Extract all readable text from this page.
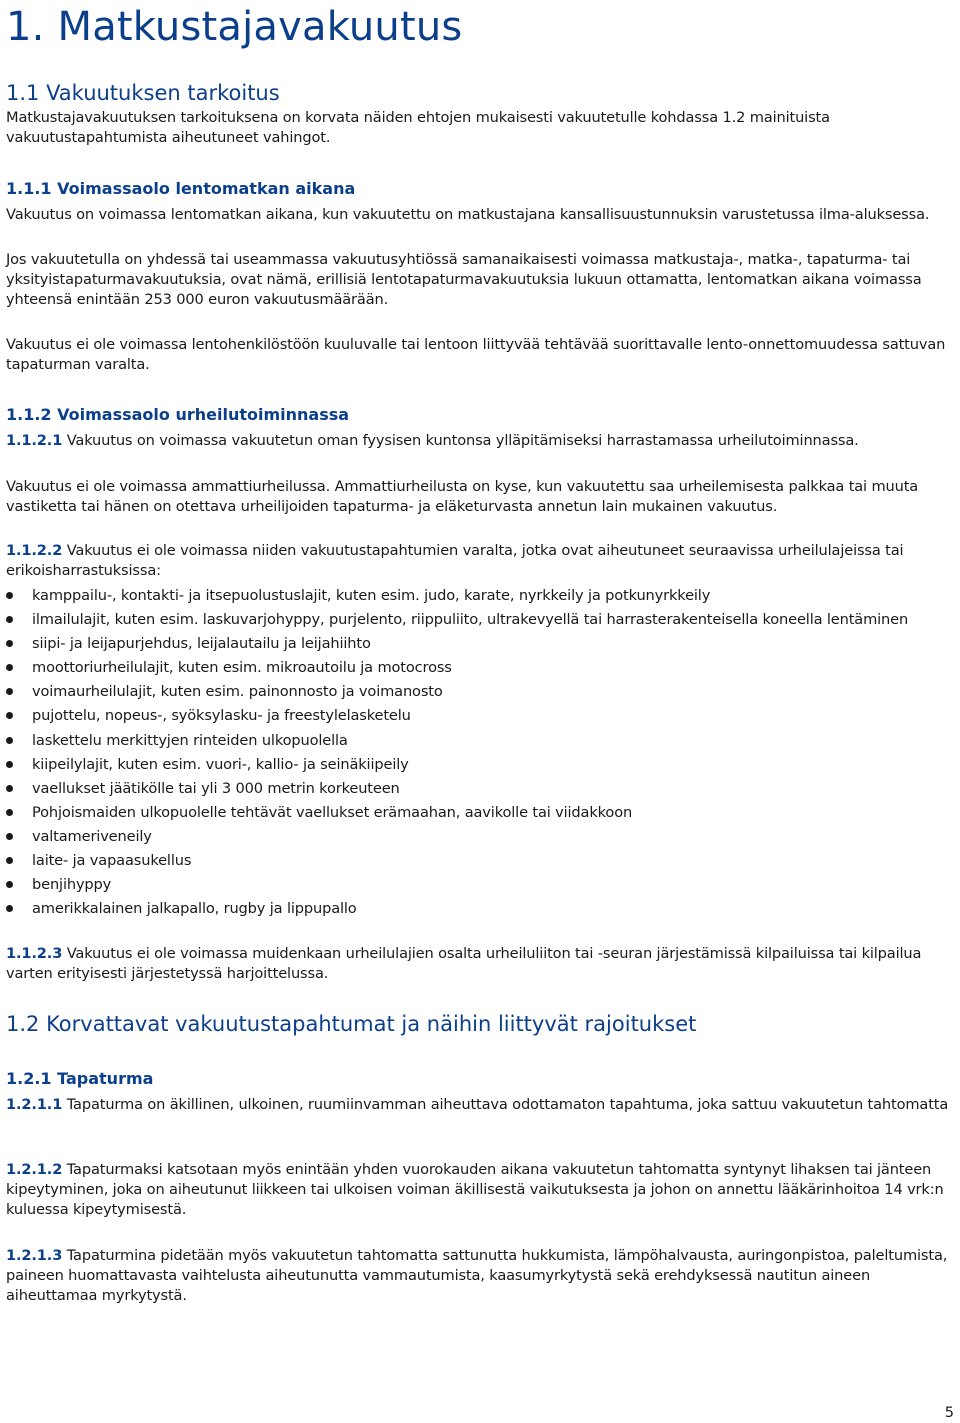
1. Matkustajavakuutus
1.1 Vakuutuksen tarkoitus
Matkustajavakuutuksen tarkoituksena on korvata näiden ehtojen mukaisesti vakuutetulle kohdassa 1.2 mainituista vakuutustapahtumista aiheutuneet vahingot.
1.1.1 Voimassaolo lentomatkan aikana
Vakuutus on voimassa lentomatkan aikana, kun vakuutettu on matkustajana kansallisuustunnuksin varustetussa ilma-aluksessa.
Jos vakuutetulla on yhdessä tai useammassa vakuutusyhtiössä samanaikaisesti voimassa matkustaja-, matka-, tapaturma- tai yksityistapaturmavakuutuksia, ovat nämä, erillisiä lentotapaturmavakuutuksia lukuun ottamatta, lentomatkan aikana voimassa yhteensä enintään 253 000 euron vakuutusmäärään.
Vakuutus ei ole voimassa lentohenkilöstöön kuuluvalle tai lentoon liittyvää tehtävää suorittavalle lento-onnettomuudessa sattuvan tapaturman varalta.
1.1.2 Voimassaolo urheilutoiminnassa
1.1.2.1 Vakuutus on voimassa vakuutetun oman fyysisen kuntonsa ylläpitämiseksi harrastamassa urheilutoiminnassa.
Vakuutus ei ole voimassa ammattiurheilussa. Ammattiurheilusta on kyse, kun vakuutettu saa urheilemisesta palkkaa tai muuta vastiketta tai hänen on otettava urheilijoiden tapaturma- ja eläketurvasta annetun lain mukainen vakuutus.
1.1.2.2 Vakuutus ei ole voimassa niiden vakuutustapahtumien varalta, jotka ovat aiheutuneet seuraavissa urheilulajeissa tai erikoisharrastuksissa:
kamppailu-, kontakti- ja itsepuolustuslajit, kuten esim. judo, karate, nyrkkeily ja potkunyrkkeily
ilmailulajit, kuten esim. laskuvarjohyppy, purjelento, riippuliito, ultrakevyellä tai harrasterakenteisella koneella lentäminen
siipi- ja leijapurjehdus, leijalautailu ja leijahiihto
moottoriurheilulajit, kuten esim. mikroautoilu ja motocross
voimaurheilulajit, kuten esim. painonnosto ja voimanosto
pujottelu, nopeus-, syöksylasku- ja freestylelasketelu
laskettelu merkittyjen rinteiden ulkopuolella
kiipeilylajit, kuten esim. vuori-, kallio- ja seinäkiipeily
vaellukset jäätikölle tai yli 3 000 metrin korkeuteen
Pohjoismaiden ulkopuolelle tehtävät vaellukset erämaahan, aavikolle tai viidakkoon
valtameriveneily
laite- ja vapaasukellus
benjihyppy
amerikkalainen jalkapallo, rugby ja lippupallo
1.1.2.3 Vakuutus ei ole voimassa muidenkaan urheilulajien osalta urheiluliiton tai -seuran järjestämissä kilpailuissa tai kilpailua varten erityisesti järjestetyssä harjoittelussa.
1.2 Korvattavat vakuutustapahtumat ja näihin liittyvät rajoitukset
1.2.1 Tapaturma
1.2.1.1 Tapaturma on äkillinen, ulkoinen, ruumiinvamman aiheuttava odottamaton tapahtuma, joka sattuu vakuutetun tahtomatta
1.2.1.2 Tapaturmaksi katsotaan myös enintään yhden vuorokauden aikana vakuutetun tahtomatta syntynyt lihaksen tai jänteen kipeytyminen, joka on aiheutunut liikkeen tai ulkoisen voiman äkillisestä vaikutuksesta ja johon on annettu lääkärinhoitoa 14 vrk:n kuluessa kipeytymisestä.
1.2.1.3 Tapaturmina pidetään myös vakuutetun tahtomatta sattunutta hukkumista, lämpöhalvausta, auringonpistoa, paleltumista, paineen huomattavasta vaihtelusta aiheutunutta vammautumista, kaasumyrkytystä sekä erehdyksessä nautitun aineen aiheuttamaa myrkytystä.
5
